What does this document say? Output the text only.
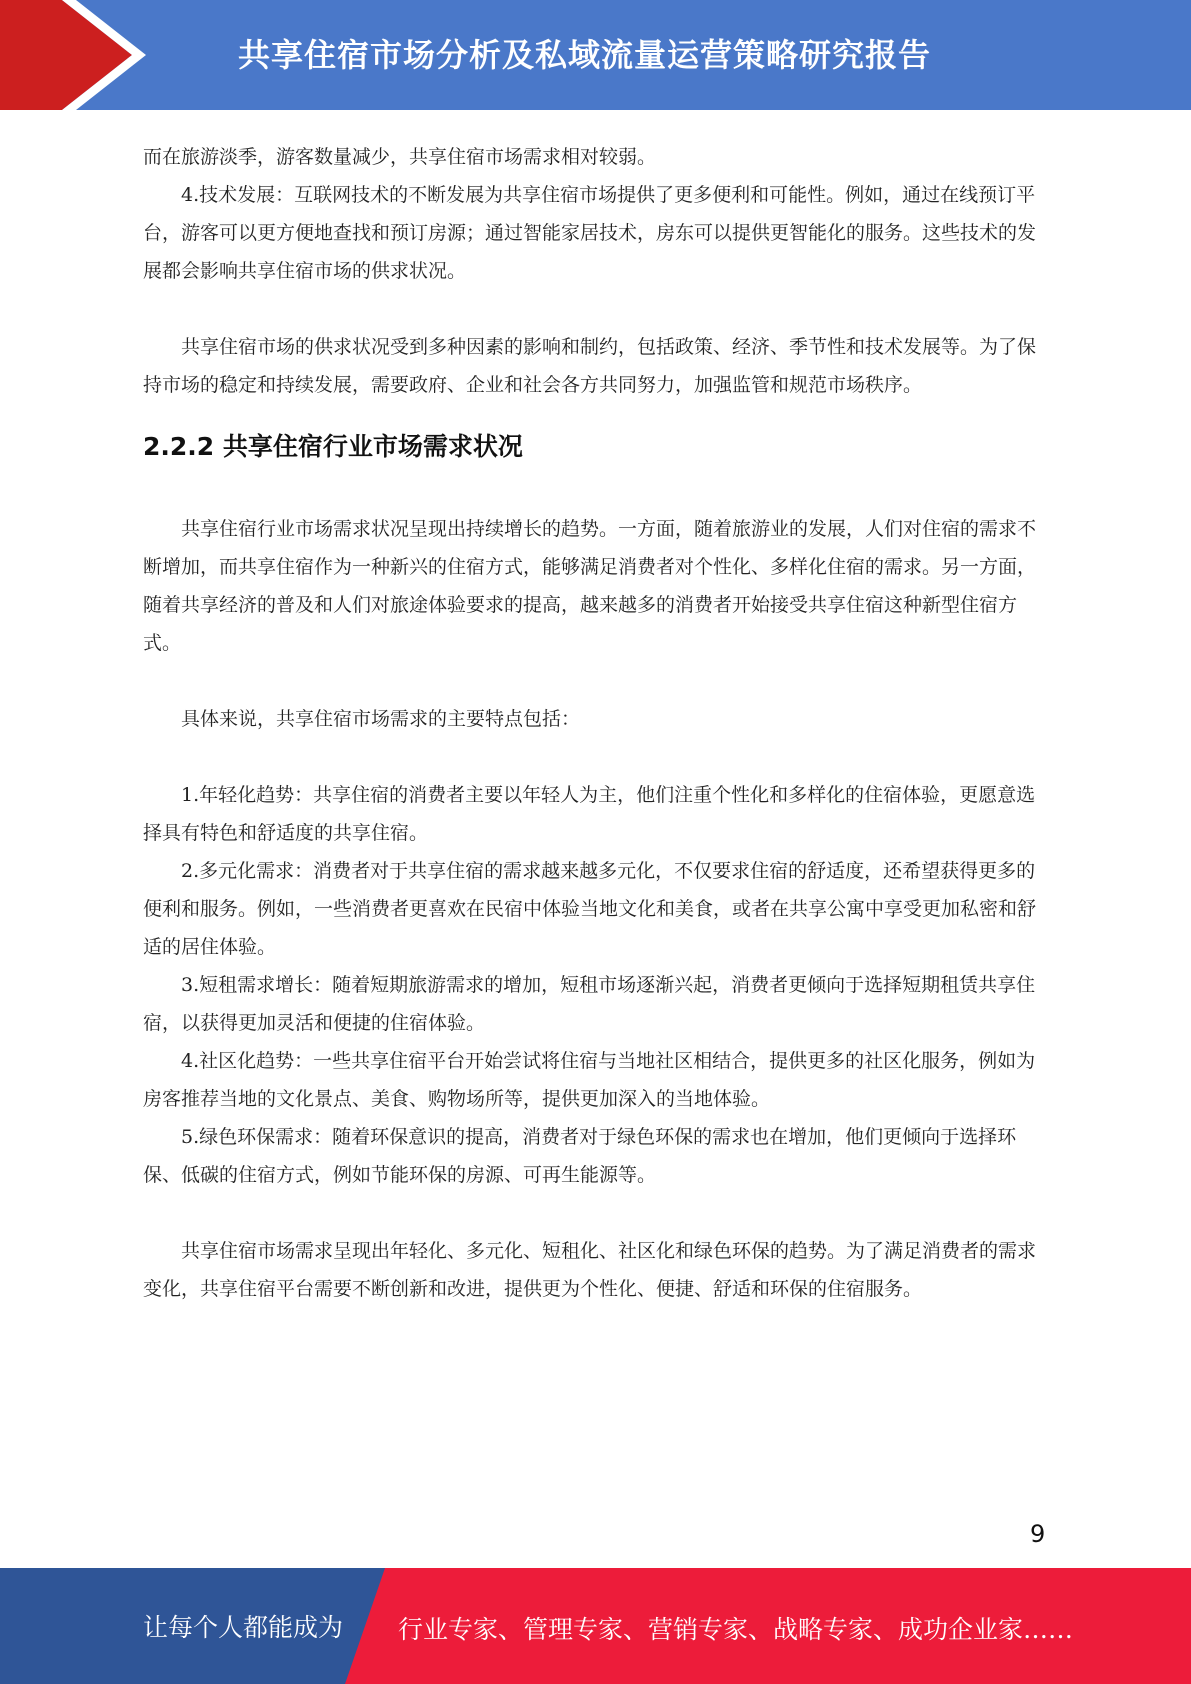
共享住宿市场分析及私域流量运营策略研究报告

而在旅游淡季，游客数量减少，共享住宿市场需求相对较弱。

4.技术发展：互联网技术的不断发展为共享住宿市场提供了更多便利和可能性。例如，通过在线预订平台，游客可以更方便地查找和预订房源；通过智能家居技术，房东可以提供更智能化的服务。这些技术的发展都会影响共享住宿市场的供求状况。

共享住宿市场的供求状况受到多种因素的影响和制约，包括政策、经济、季节性和技术发展等。为了保持市场的稳定和持续发展，需要政府、企业和社会各方共同努力，加强监管和规范市场秩序。

2.2.2 共享住宿行业市场需求状况

共享住宿行业市场需求状况呈现出持续增长的趋势。一方面，随着旅游业的发展，人们对住宿的需求不断增加，而共享住宿作为一种新兴的住宿方式，能够满足消费者对个性化、多样化住宿的需求。另一方面，随着共享经济的普及和人们对旅途体验要求的提高，越来越多的消费者开始接受共享住宿这种新型住宿方式。

具体来说，共享住宿市场需求的主要特点包括：

1.年轻化趋势：共享住宿的消费者主要以年轻人为主，他们注重个性化和多样化的住宿体验，更愿意选择具有特色和舒适度的共享住宿。

2.多元化需求：消费者对于共享住宿的需求越来越多元化，不仅要求住宿的舒适度，还希望获得更多的便利和服务。例如，一些消费者更喜欢在民宿中体验当地文化和美食，或者在共享公寓中享受更加私密和舒适的居住体验。

3.短租需求增长：随着短期旅游需求的增加，短租市场逐渐兴起，消费者更倾向于选择短期租赁共享住宿，以获得更加灵活和便捷的住宿体验。

4.社区化趋势：一些共享住宿平台开始尝试将住宿与当地社区相结合，提供更多的社区化服务，例如为房客推荐当地的文化景点、美食、购物场所等，提供更加深入的当地体验。

5.绿色环保需求：随着环保意识的提高，消费者对于绿色环保的需求也在增加，他们更倾向于选择环保、低碳的住宿方式，例如节能环保的房源、可再生能源等。

共享住宿市场需求呈现出年轻化、多元化、短租化、社区化和绿色环保的趋势。为了满足消费者的需求变化，共享住宿平台需要不断创新和改进，提供更为个性化、便捷、舒适和环保的住宿服务。

9
让每个人都能成为 行业专家、管理专家、营销专家、战略专家、成功企业家……
